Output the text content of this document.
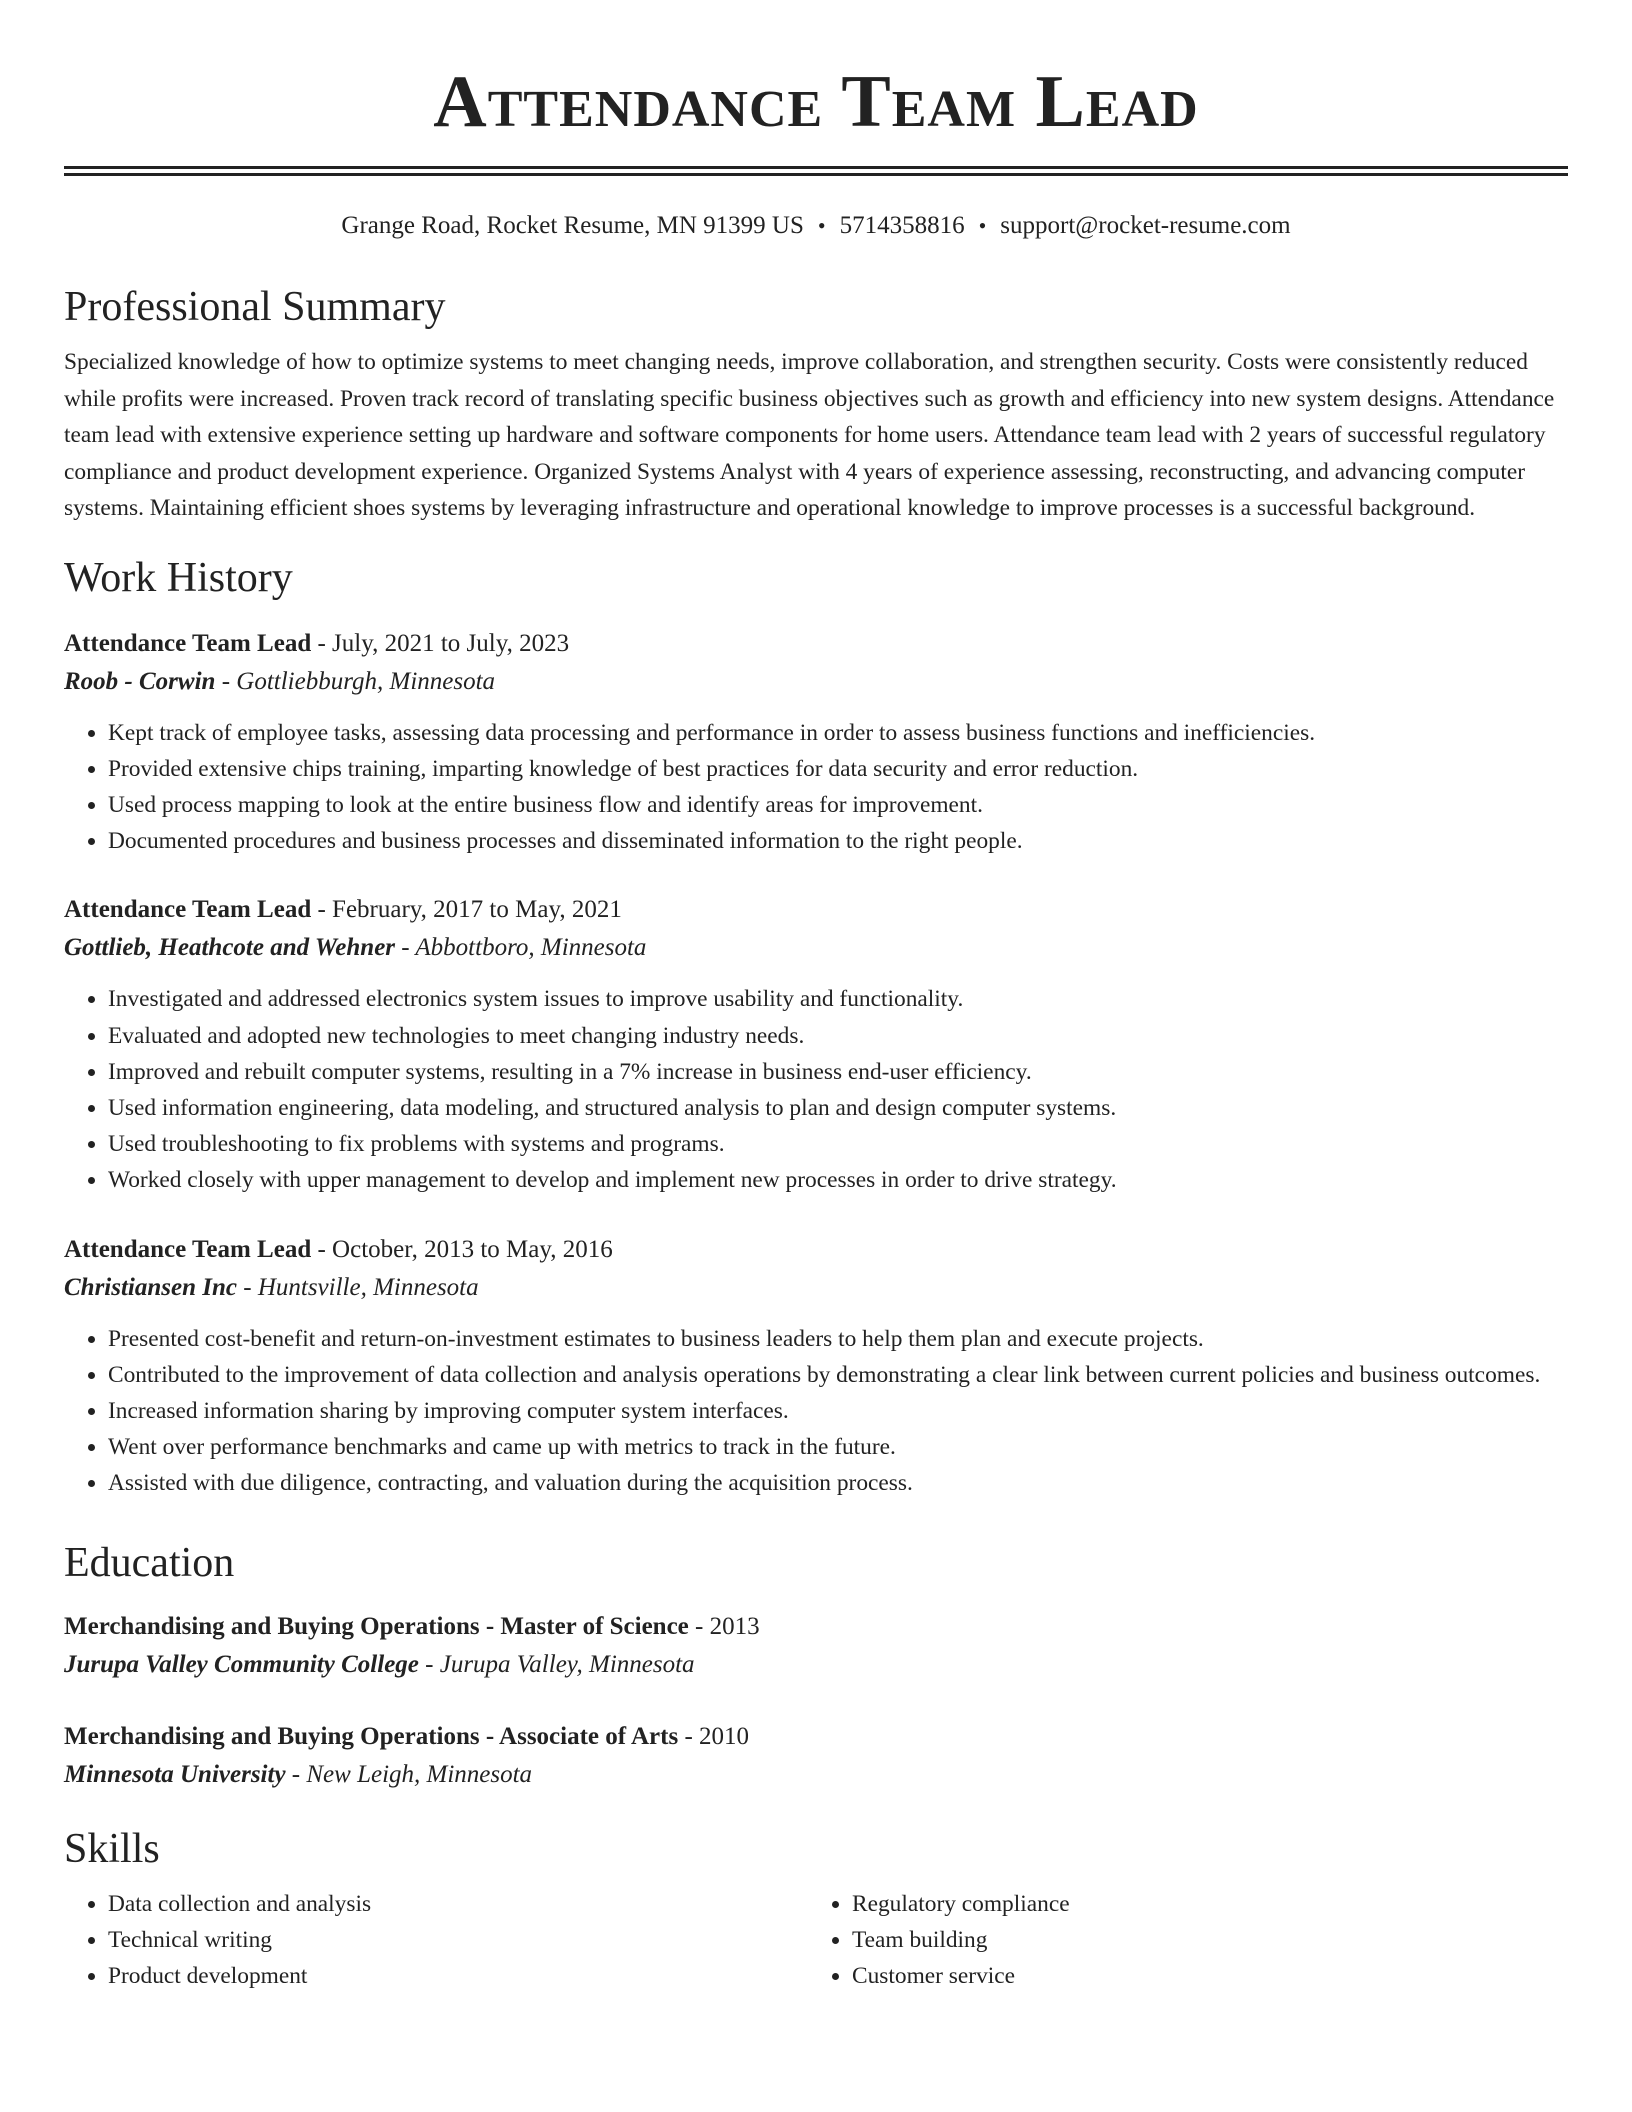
Attendance Team Lead
Grange Road, Rocket Resume, MN 91399 US • 5714358816 • support@rocket-resume.com
Professional Summary
Specialized knowledge of how to optimize systems to meet changing needs, improve collaboration, and strengthen security. Costs were consistently reduced while profits were increased. Proven track record of translating specific business objectives such as growth and efficiency into new system designs. Attendance team lead with extensive experience setting up hardware and software components for home users. Attendance team lead with 2 years of successful regulatory compliance and product development experience. Organized Systems Analyst with 4 years of experience assessing, reconstructing, and advancing computer systems. Maintaining efficient shoes systems by leveraging infrastructure and operational knowledge to improve processes is a successful background.
Work History
Attendance Team Lead - July, 2021 to July, 2023
Roob - Corwin - Gottliebburgh, Minnesota
• Kept track of employee tasks, assessing data processing and performance in order to assess business functions and inefficiencies.
• Provided extensive chips training, imparting knowledge of best practices for data security and error reduction.
• Used process mapping to look at the entire business flow and identify areas for improvement.
• Documented procedures and business processes and disseminated information to the right people.
Attendance Team Lead - February, 2017 to May, 2021
Gottlieb, Heathcote and Wehner - Abbottboro, Minnesota
• Investigated and addressed electronics system issues to improve usability and functionality.
• Evaluated and adopted new technologies to meet changing industry needs.
• Improved and rebuilt computer systems, resulting in a 7% increase in business end-user efficiency.
• Used information engineering, data modeling, and structured analysis to plan and design computer systems.
• Used troubleshooting to fix problems with systems and programs.
• Worked closely with upper management to develop and implement new processes in order to drive strategy.
Attendance Team Lead - October, 2013 to May, 2016
Christiansen Inc - Huntsville, Minnesota
• Presented cost-benefit and return-on-investment estimates to business leaders to help them plan and execute projects.
• Contributed to the improvement of data collection and analysis operations by demonstrating a clear link between current policies and business outcomes.
• Increased information sharing by improving computer system interfaces.
• Went over performance benchmarks and came up with metrics to track in the future.
• Assisted with due diligence, contracting, and valuation during the acquisition process.
Education
Merchandising and Buying Operations - Master of Science - 2013
Jurupa Valley Community College - Jurupa Valley, Minnesota
Merchandising and Buying Operations - Associate of Arts - 2010
Minnesota University - New Leigh, Minnesota
Skills
• Data collection and analysis
• Technical writing
• Product development
• Regulatory compliance
• Team building
• Customer service
